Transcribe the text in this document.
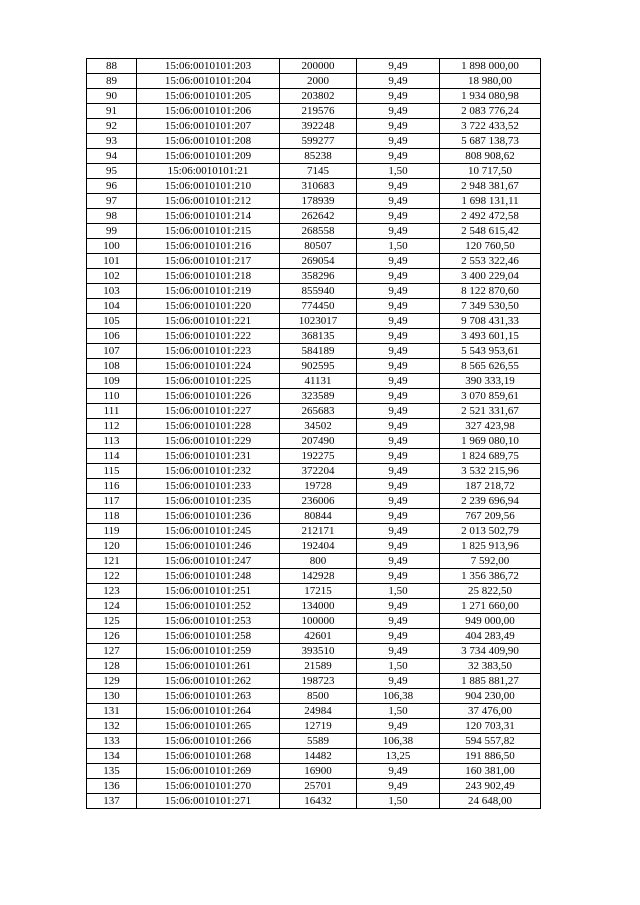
88	15:06:0010101:203	200000	9,49	1 898 000,00
89	15:06:0010101:204	2000	9,49	18 980,00
90	15:06:0010101:205	203802	9,49	1 934 080,98
91	15:06:0010101:206	219576	9,49	2 083 776,24
92	15:06:0010101:207	392248	9,49	3 722 433,52
93	15:06:0010101:208	599277	9,49	5 687 138,73
94	15:06:0010101:209	85238	9,49	808 908,62
95	15:06:0010101:21	7145	1,50	10 717,50
96	15:06:0010101:210	310683	9,49	2 948 381,67
97	15:06:0010101:212	178939	9,49	1 698 131,11
98	15:06:0010101:214	262642	9,49	2 492 472,58
99	15:06:0010101:215	268558	9,49	2 548 615,42
100	15:06:0010101:216	80507	1,50	120 760,50
101	15:06:0010101:217	269054	9,49	2 553 322,46
102	15:06:0010101:218	358296	9,49	3 400 229,04
103	15:06:0010101:219	855940	9,49	8 122 870,60
104	15:06:0010101:220	774450	9,49	7 349 530,50
105	15:06:0010101:221	1023017	9,49	9 708 431,33
106	15:06:0010101:222	368135	9,49	3 493 601,15
107	15:06:0010101:223	584189	9,49	5 543 953,61
108	15:06:0010101:224	902595	9,49	8 565 626,55
109	15:06:0010101:225	41131	9,49	390 333,19
110	15:06:0010101:226	323589	9,49	3 070 859,61
111	15:06:0010101:227	265683	9,49	2 521 331,67
112	15:06:0010101:228	34502	9,49	327 423,98
113	15:06:0010101:229	207490	9,49	1 969 080,10
114	15:06:0010101:231	192275	9,49	1 824 689,75
115	15:06:0010101:232	372204	9,49	3 532 215,96
116	15:06:0010101:233	19728	9,49	187 218,72
117	15:06:0010101:235	236006	9,49	2 239 696,94
118	15:06:0010101:236	80844	9,49	767 209,56
119	15:06:0010101:245	212171	9,49	2 013 502,79
120	15:06:0010101:246	192404	9,49	1 825 913,96
121	15:06:0010101:247	800	9,49	7 592,00
122	15:06:0010101:248	142928	9,49	1 356 386,72
123	15:06:0010101:251	17215	1,50	25 822,50
124	15:06:0010101:252	134000	9,49	1 271 660,00
125	15:06:0010101:253	100000	9,49	949 000,00
126	15:06:0010101:258	42601	9,49	404 283,49
127	15:06:0010101:259	393510	9,49	3 734 409,90
128	15:06:0010101:261	21589	1,50	32 383,50
129	15:06:0010101:262	198723	9,49	1 885 881,27
130	15:06:0010101:263	8500	106,38	904 230,00
131	15:06:0010101:264	24984	1,50	37 476,00
132	15:06:0010101:265	12719	9,49	120 703,31
133	15:06:0010101:266	5589	106,38	594 557,82
134	15:06:0010101:268	14482	13,25	191 886,50
135	15:06:0010101:269	16900	9,49	160 381,00
136	15:06:0010101:270	25701	9,49	243 902,49
137	15:06:0010101:271	16432	1,50	24 648,00
